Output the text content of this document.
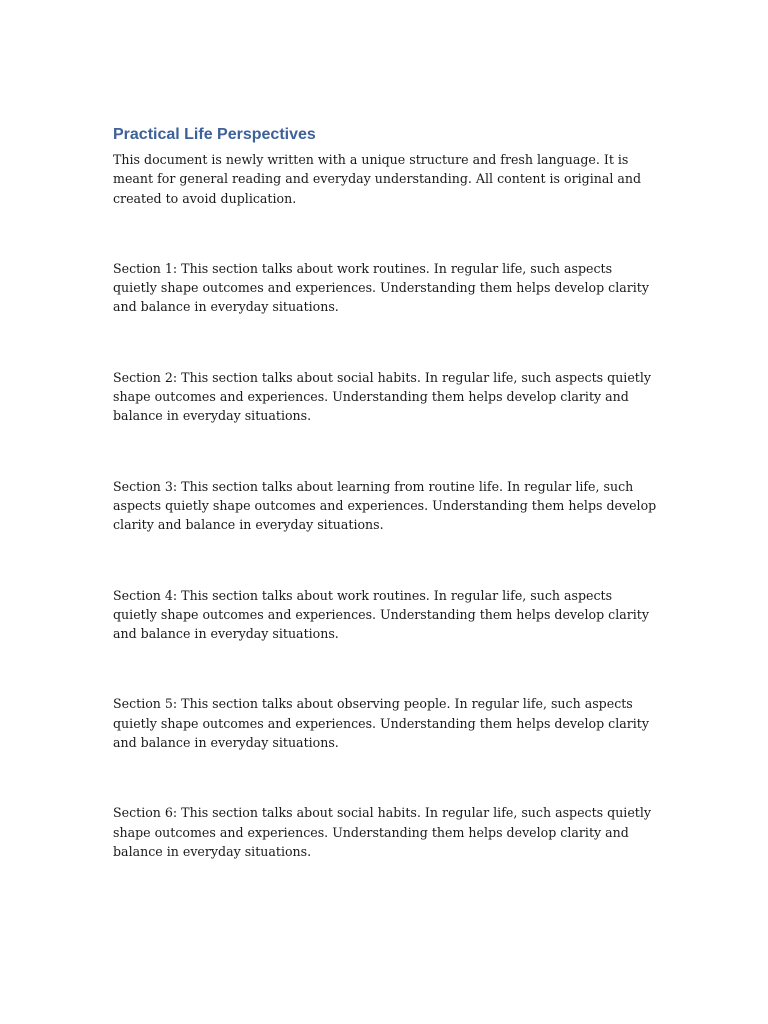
Practical Life Perspectives

This document is newly written with a unique structure and fresh language. It is meant for general reading and everyday understanding. All content is original and created to avoid duplication.

Section 1: This section talks about work routines. In regular life, such aspects quietly shape outcomes and experiences. Understanding them helps develop clarity and balance in everyday situations.

Section 2: This section talks about social habits. In regular life, such aspects quietly shape outcomes and experiences. Understanding them helps develop clarity and balance in everyday situations.

Section 3: This section talks about learning from routine life. In regular life, such aspects quietly shape outcomes and experiences. Understanding them helps develop clarity and balance in everyday situations.

Section 4: This section talks about work routines. In regular life, such aspects quietly shape outcomes and experiences. Understanding them helps develop clarity and balance in everyday situations.

Section 5: This section talks about observing people. In regular life, such aspects quietly shape outcomes and experiences. Understanding them helps develop clarity and balance in everyday situations.

Section 6: This section talks about social habits. In regular life, such aspects quietly shape outcomes and experiences. Understanding them helps develop clarity and balance in everyday situations.
